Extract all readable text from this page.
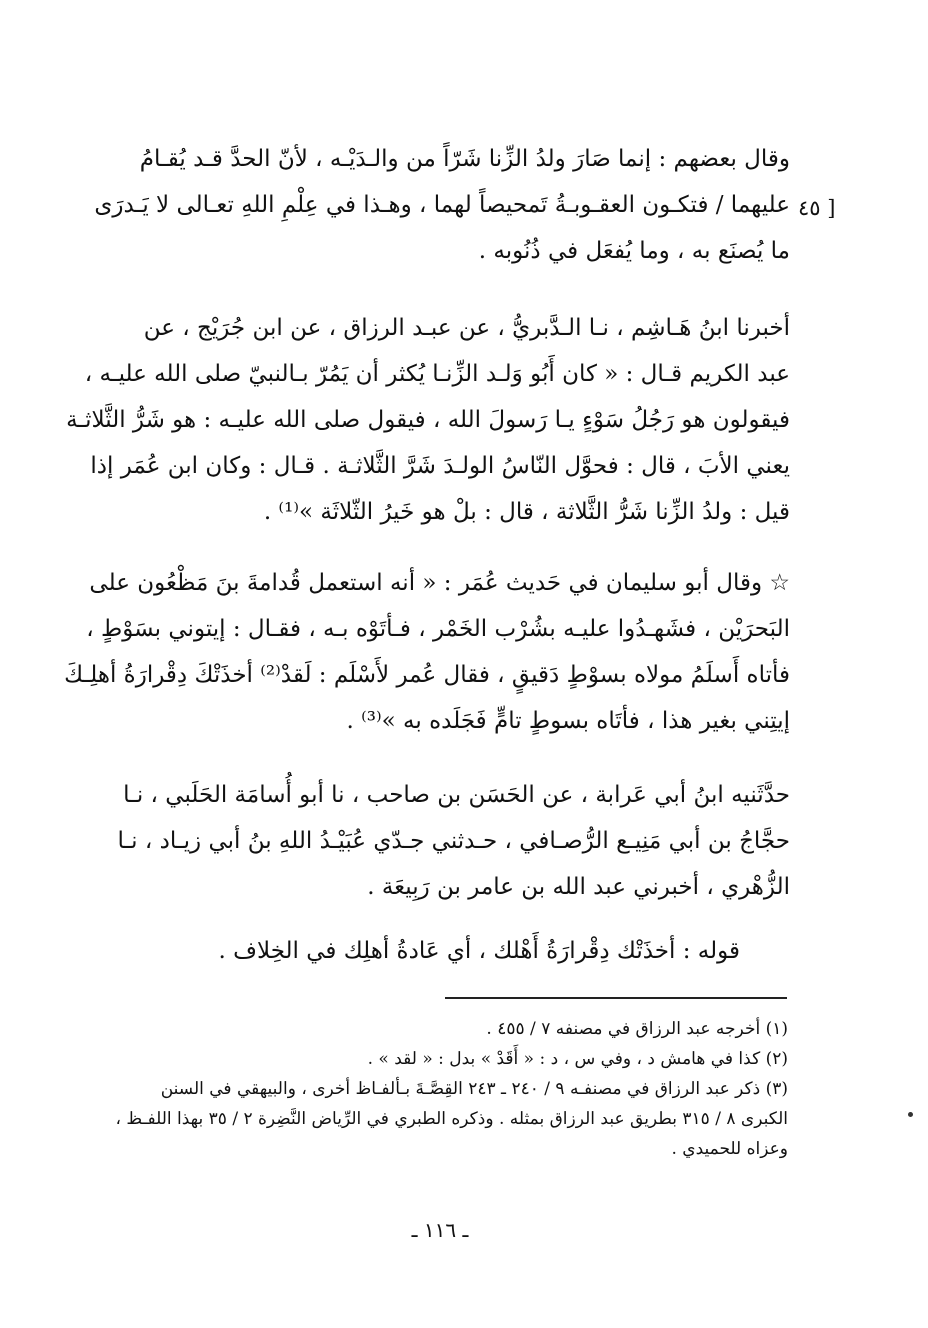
[ ٤٥
وقال بعضهم : إنما صَارَ ولدُ الزِّنا شَرّاً من والـدَيْـه ، لأنّ الحدَّ قـد يُقـامُ
عليهما / فتكـون العقـوبـةُ تَمحيصاً لهما ، وهـذا في عِلْمِ اللهِ تعـالى لا يَـدرَى
ما يُصنَع به ، وما يُفعَل في ذُنُوبه .
أخبرنا ابنُ هَـاشِم ، نـا الـدَّبريُّ ، عن عبـد الرزاق ، عن ابن جُرَيْج ، عن
عبد الكريم قـال : « كان أَبُو وَلـد الزِّنـا يُكثر أن يَمُرّ بـالنبيّ صلى الله عليـه ،
فيقولون هو رَجُلُ سَوْءٍ يـا رَسولَ الله ، فيقول صلى الله عليـه : هو شَرُّ الثَّلاثـة
يعني الأبَ ، قال : فحوَّل النّاسُ الولـدَ شَرَّ الثَّلاثـة . قـال : وكان ابن عُمَر إذا
قيل : ولدُ الزِّنا شَرُّ الثَّلاثة ، قال : بلْ هو خَيرُ الثّلاثَة »⁽¹⁾ .
☆ وقال أبو سليمان في حَديث عُمَر : « أنه استعمل قُدامةَ بنَ مَظْعُون على
البَحرَيْن ، فشَهـدُوا عليـه بشُرْب الخَمْر ، فـأتَوْه بـه ، فقـال : إيتوني بسَوْطٍ ،
فأتاه أَسلَمُ مولاه بسوْطٍ دَقيقٍ ، فقال عُمر لأَسْلَم : لَقدْ⁽²⁾ أخذَتْكَ دِقْرارَةُ أهلِـكَ
إيتِني بغير هذا ، فأتَاه بسوطٍ تامٍّ فَجَلَده به »⁽³⁾ .
حدَّثَنيه ابنُ أبي عَرابة ، عن الحَسَن بن صاحب ، نا أبو أُسامَة الحَلَبي ، نـا
حجَّاجُ بن أبي مَنِيـع الرُّصـافي ، حـدثني جـدّي عُبَيْـدُ اللهِ بنُ أبي زيـاد ، نـا
الزُّهْري ، أخبرني عبد الله بن عامر بن رَبِيعَة .
قوله : أخذَتْك دِقْرارَةُ أَهْلك ، أي عَادةُ أهلِك في الخِلاف .
(١) أخرجه عبد الرزاق في مصنفه ٧ / ٤٥٥ .
(٢) كذا في هامش د ، وفي س ، د : « أَقَدْ » بدل : « لقد » .
(٣) ذكر عبد الرزاق في مصنفـه ٩ / ٢٤٠ ـ ٢٤٣ القِصَّـةَ بـألفـاظ أخرى ، والبيهقي في السنن
الكبرى ٨ / ٣١٥ بطريق عبد الرزاق بمثله . وذكره الطبري في الرِّياض النَّضِرة ٢ / ٣٥ بهذا اللفـظ ،
وعزاه للحميدي .
ـ ١١٦ ـ
